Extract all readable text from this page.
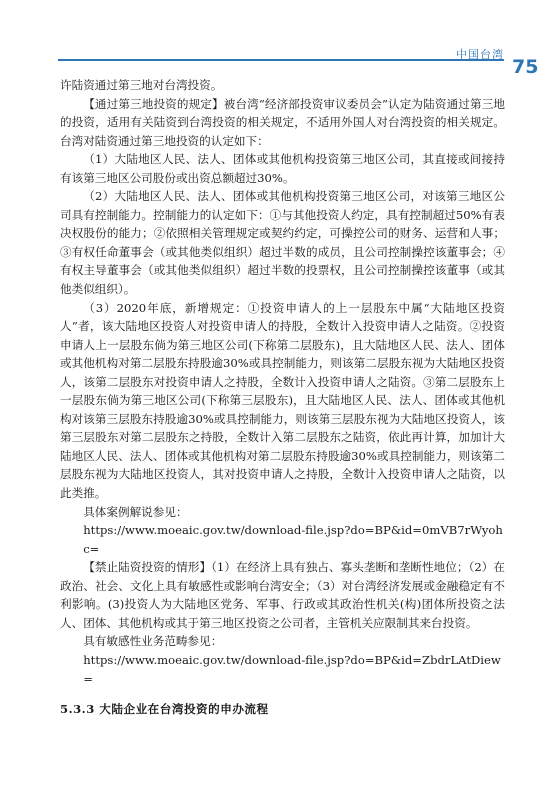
中国台湾
75

许陆资通过第三地对台湾投资。

【通过第三地投资的规定】被台湾“经济部投资审议委员会”认定为陆资通过第三地的投资，适用有关陆资到台湾投资的相关规定，不适用外国人对台湾投资的相关规定。台湾对陆资通过第三地投资的认定如下：

（1）大陆地区人民、法人、团体或其他机构投资第三地区公司，其直接或间接持有该第三地区公司股份或出资总额超过30%。

（2）大陆地区人民、法人、团体或其他机构投资第三地区公司，对该第三地区公司具有控制能力。控制能力的认定如下：①与其他投资人约定，具有控制超过50%有表决权股份的能力；②依照相关管理规定或契约约定，可操控公司的财务、运营和人事；③有权任命董事会（或其他类似组织）超过半数的成员，且公司控制操控该董事会；④有权主导董事会（或其他类似组织）超过半数的投票权，且公司控制操控该董事（或其他类似组织）。

（3）2020年底，新增规定：①投资申请人的上一层股东中属“大陆地区投资人”者，该大陆地区投资人对投资申请人的持股，全数计入投资申请人之陆资。②投资申请人上一层股东倘为第三地区公司(下称第二层股东)，且大陆地区人民、法人、团体或其他机构对第二层股东持股逾30%或具控制能力，则该第二层股东视为大陆地区投资人，该第二层股东对投资申请人之持股，全数计入投资申请人之陆资。③第二层股东上一层股东倘为第三地区公司(下称第三层股东)，且大陆地区人民、法人、团体或其他机构对该第三层股东持股逾30%或具控制能力，则该第三层股东视为大陆地区投资人，该第三层股东对第二层股东之持股，全数计入第二层股东之陆资，依此再计算，加加计大陆地区人民、法人、团体或其他机构对第二层股东持股逾30%或具控制能力，则该第二层股东视为大陆地区投资人，其对投资申请人之持股，全数计入投资申请人之陆资，以此类推。

具体案例解说参见：

https://www.moeaic.gov.tw/download-file.jsp?do=BP&id=0mVB7rWyohc=

【禁止陆资投资的情形】（1）在经济上具有独占、寡头垄断和垄断性地位；（2）在政治、社会、文化上具有敏感性或影响台湾安全；（3）对台湾经济发展或金融稳定有不利影响。(3)投资人为大陆地区党务、军事、行政或其政治性机关(构)团体所投资之法人、团体、其他机构或其于第三地区投资之公司者，主管机关应限制其来台投资。

具有敏感性业务范畴参见：

https://www.moeaic.gov.tw/download-file.jsp?do=BP&id=ZbdrLAtDiew=

5.3.3 大陆企业在台湾投资的申办流程
